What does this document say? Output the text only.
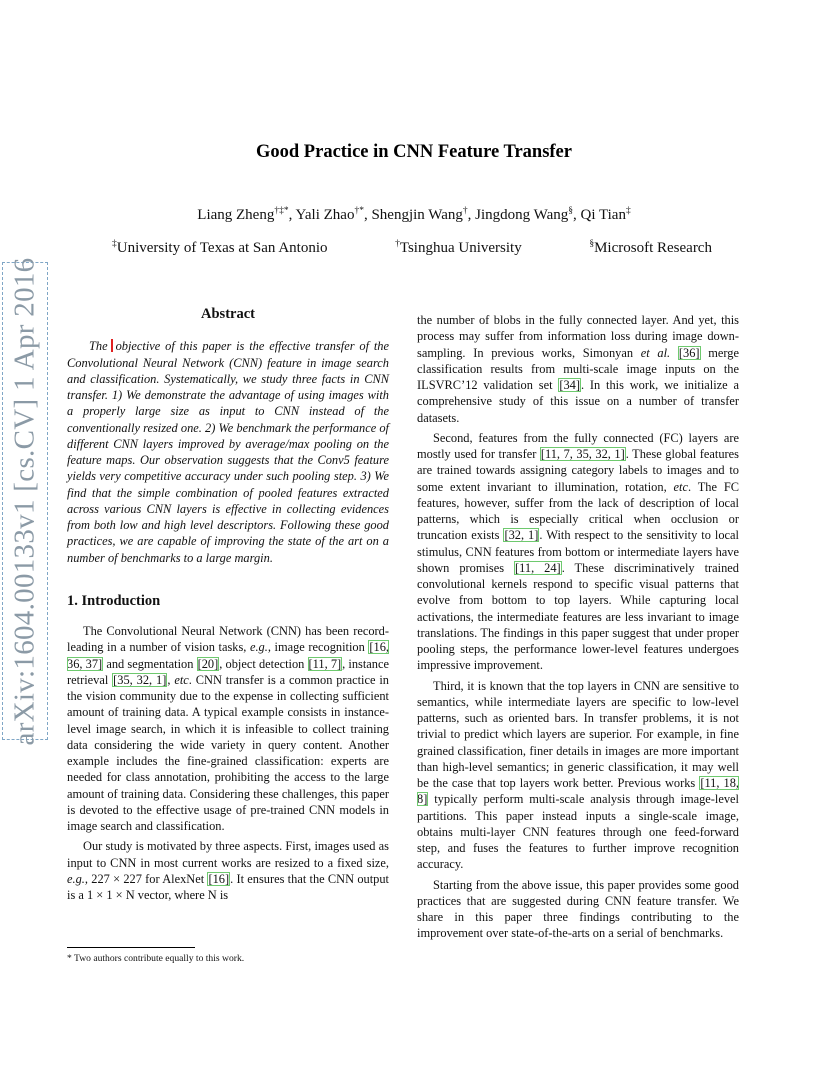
arXiv:1604.00133v1 [cs.CV] 1 Apr 2016
Good Practice in CNN Feature Transfer
Liang Zheng†‡*, Yali Zhao†*, Shengjin Wang†, Jingdong Wang§, Qi Tian‡
‡University of Texas at San Antonio	†Tsinghua University	§Microsoft Research
Abstract
The objective of this paper is the effective transfer of the Convolutional Neural Network (CNN) feature in image search and classification. Systematically, we study three facts in CNN transfer. 1) We demonstrate the advantage of using images with a properly large size as input to CNN instead of the conventionally resized one. 2) We benchmark the performance of different CNN layers improved by average/max pooling on the feature maps. Our observation suggests that the Conv5 feature yields very competitive accuracy under such pooling step. 3) We find that the simple combination of pooled features extracted across various CNN layers is effective in collecting evidences from both low and high level descriptors. Following these good practices, we are capable of improving the state of the art on a number of benchmarks to a large margin.
1. Introduction

The Convolutional Neural Network (CNN) has been record-leading in a number of vision tasks, e.g., image recognition [16, 36, 37] and segmentation [20], object detection [11, 7], instance retrieval [35, 32, 1], etc. CNN transfer is a common practice in the vision community due to the expense in collecting sufficient amount of training data. A typical example consists in instance-level image search, in which it is infeasible to collect training data considering the wide variety in query content. Another example includes the fine-grained classification: experts are needed for class annotation, prohibiting the access to the large amount of training data. Considering these challenges, this paper is devoted to the effective usage of pre-trained CNN models in image search and classification.

Our study is motivated by three aspects. First, images used as input to CNN in most current works are resized to a fixed size, e.g., 227 × 227 for AlexNet [16]. It ensures that the CNN output is a 1 × 1 × N vector, where N is

the number of blobs in the fully connected layer. And yet, this process may suffer from information loss during image down-sampling. In previous works, Simonyan et al. [36] merge classification results from multi-scale image inputs on the ILSVRC’12 validation set [34]. In this work, we initialize a comprehensive study of this issue on a number of transfer datasets.

Second, features from the fully connected (FC) layers are mostly used for transfer [11, 7, 35, 32, 1]. These global features are trained towards assigning category labels to images and to some extent invariant to illumination, rotation, etc. The FC features, however, suffer from the lack of description of local patterns, which is especially critical when occlusion or truncation exists [32, 1]. With respect to the sensitivity to local stimulus, CNN features from bottom or intermediate layers have shown promises [11, 24]. These discriminatively trained convolutional kernels respond to specific visual patterns that evolve from bottom to top layers. While capturing local activations, the intermediate features are less invariant to image translations. The findings in this paper suggest that under proper pooling steps, the performance lower-level features undergoes impressive improvement.

Third, it is known that the top layers in CNN are sensitive to semantics, while intermediate layers are specific to low-level patterns, such as oriented bars. In transfer problems, it is not trivial to predict which layers are superior. For example, in fine grained classification, finer details in images are more important than high-level semantics; in generic classification, it may well be the case that top layers work better. Previous works [11, 18, 8] typically perform multi-scale analysis through image-level partitions. This paper instead inputs a single-scale image, obtains multi-layer CNN features through one feed-forward step, and fuses the features to further improve recognition accuracy.

Starting from the above issue, this paper provides some good practices that are suggested during CNN feature transfer. We share in this paper three findings contributing to the improvement over state-of-the-arts on a serial of benchmarks.

* Two authors contribute equally to this work.
